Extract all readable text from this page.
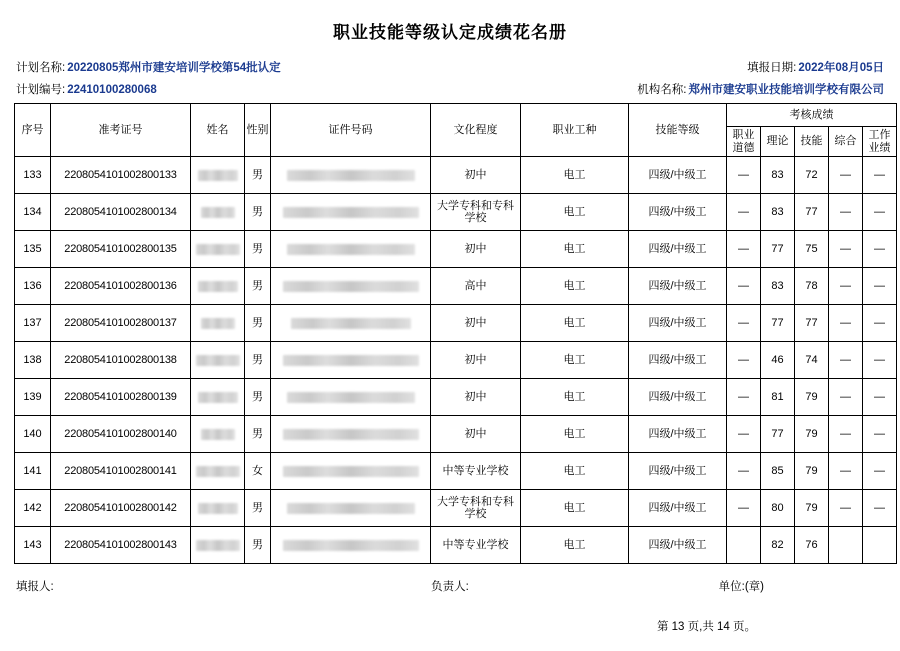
职业技能等级认定成绩花名册
计划名称: 20220805郑州市建安培训学校第54批认定	填报日期: 2022年08月05日
计划编号: 22410100280068	机构名称: 郑州市建安职业技能培训学校有限公司
序号	准考证号	姓名	性别	证件号码	文化程度	职业工种	技能等级	考核成绩				
								职业道德	理论	技能	综合	工作业绩
133	220805410100280​0133		男		初中	电工	四级/中级工	—	83	72	—	—
134	2208054101002800134		男		大学专科和专科学校	电工	四级/中级工	—	83	77	—	—
135	2208054101002800135		男		初中	电工	四级/中级工	—	77	75	—	—
136	2208054101002800136		男		高中	电工	四级/中级工	—	83	78	—	—
137	2208054101002800137		男		初中	电工	四级/中级工	—	77	77	—	—
138	2208054101002800138		男		初中	电工	四级/中级工	—	46	74	—	—
139	2208054101002800139		男		初中	电工	四级/中级工	—	81	79	—	—
140	2208054101002800140		男		初中	电工	四级/中级工	—	77	79	—	—
141	2208054101002800141		女		中等专业学校	电工	四级/中级工	—	85	79	—	—
142	2208054101002800142		男		大学专科和专科学校	电工	四级/中级工	—	80	79	—	—
143	2208054101002800143		男		中等专业学校	电工	四级/中级工		82	76		
填报人:	负责人:	单位:(章)
第 13 页,共 14 页。
